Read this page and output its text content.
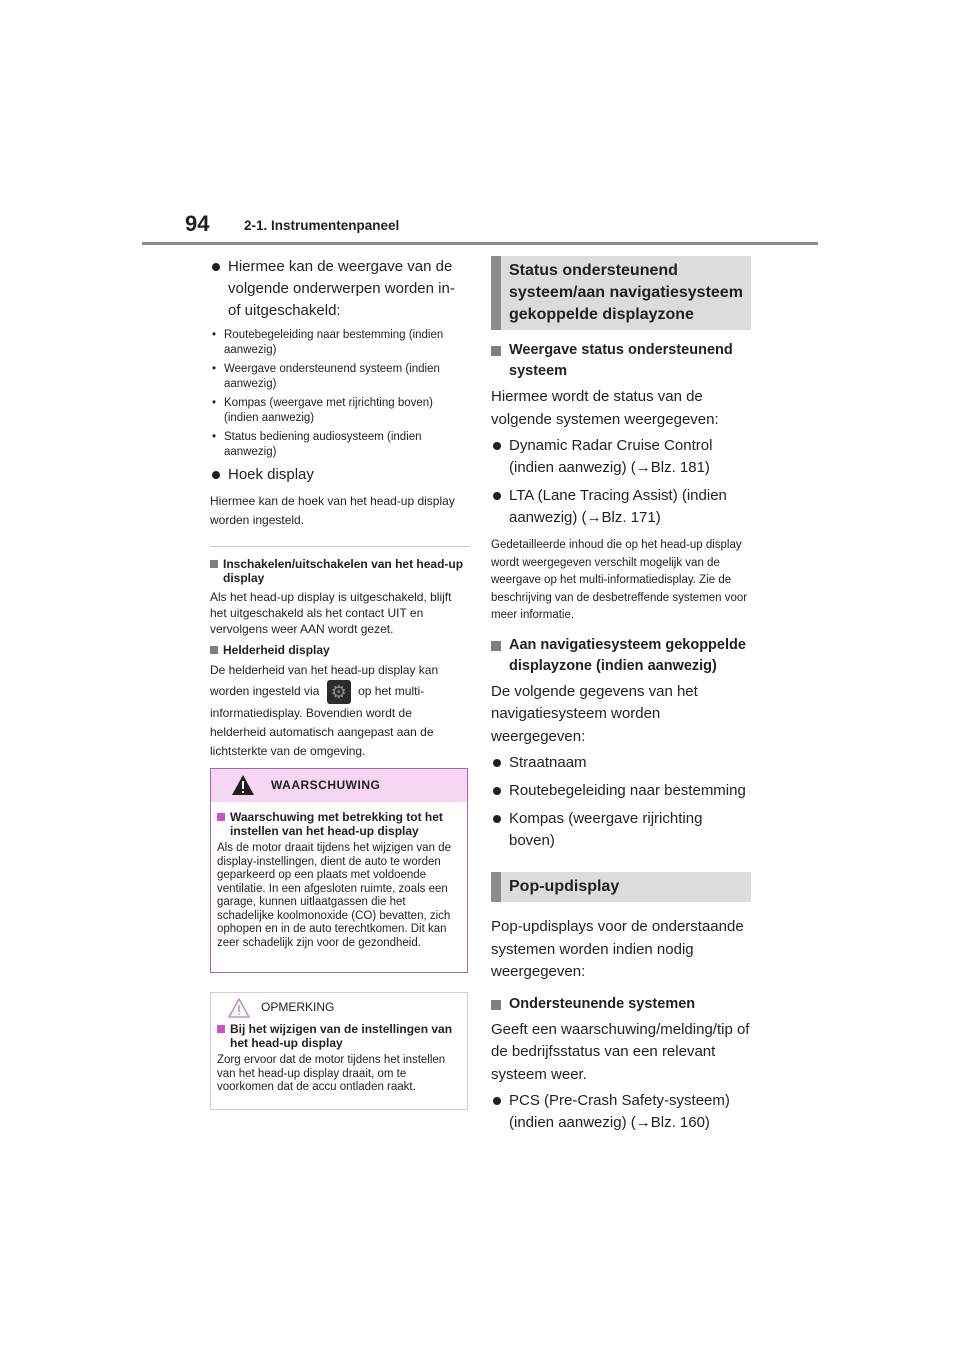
94	2-1. Instrumentenpaneel

Hiermee kan de weergave van de volgende onderwerpen worden in- of uitgeschakeld:

• Routebegeleiding naar bestemming (indien aanwezig)

• Weergave ondersteunend systeem (indien aanwezig)

• Kompas (weergave met rijrichting boven) (indien aanwezig)

• Status bediening audiosysteem (indien aanwezig)

Hoek display

Hiermee kan de hoek van het head-up display worden ingesteld.

Inschakelen/uitschakelen van het head-up display

Als het head-up display is uitgeschakeld, blijft het uitgeschakeld als het contact UIT en vervolgens weer AAN wordt gezet.

Helderheid display

De helderheid van het head-up display kan worden ingesteld via ⚙	op het multi-informatiedisplay. Bovendien wordt de helderheid automatisch aangepast aan de lichtsterkte van de omgeving.

WAARSCHUWING

Waarschuwing met betrekking tot het instellen van het head-up display

Als de motor draait tijdens het wijzigen van de display-instellingen, dient de auto te worden geparkeerd op een plaats met voldoende ventilatie. In een afgesloten ruimte, zoals een garage, kunnen uitlaatgassen die het schadelijke koolmonoxide (CO) bevatten, zich ophopen en in de auto terechtkomen. Dit kan zeer schadelijk zijn voor de gezondheid.

OPMERKING

Bij het wijzigen van de instellingen van het head-up display

Zorg ervoor dat de motor tijdens het instellen van het head-up display draait, om te voorkomen dat de accu ontladen raakt.

Status ondersteunend systeem/aan navigatiesysteem gekoppelde displayzone

Weergave status ondersteunend systeem

Hiermee wordt de status van de volgende systemen weergegeven:

Dynamic Radar Cruise Control (indien aanwezig) (→Blz. 181)

LTA (Lane Tracing Assist) (indien aanwezig) (→Blz. 171)

Gedetailleerde inhoud die op het head-up display wordt weergegeven verschilt mogelijk van de weergave op het multi-informatiedisplay. Zie de beschrijving van de desbetreffende systemen voor meer informatie.

Aan navigatiesysteem gekoppelde displayzone (indien aanwezig)

De volgende gegevens van het navigatiesysteem worden weergegeven:

Straatnaam

Routebegeleiding naar bestemming

Kompas (weergave rijrichting boven)

Pop-updisplay

Pop-updisplays voor de onderstaande systemen worden indien nodig weergegeven:

Ondersteunende systemen

Geeft een waarschuwing/melding/tip of de bedrijfsstatus van een relevant systeem weer.

PCS (Pre-Crash Safety-systeem) (indien aanwezig) (→Blz. 160)
